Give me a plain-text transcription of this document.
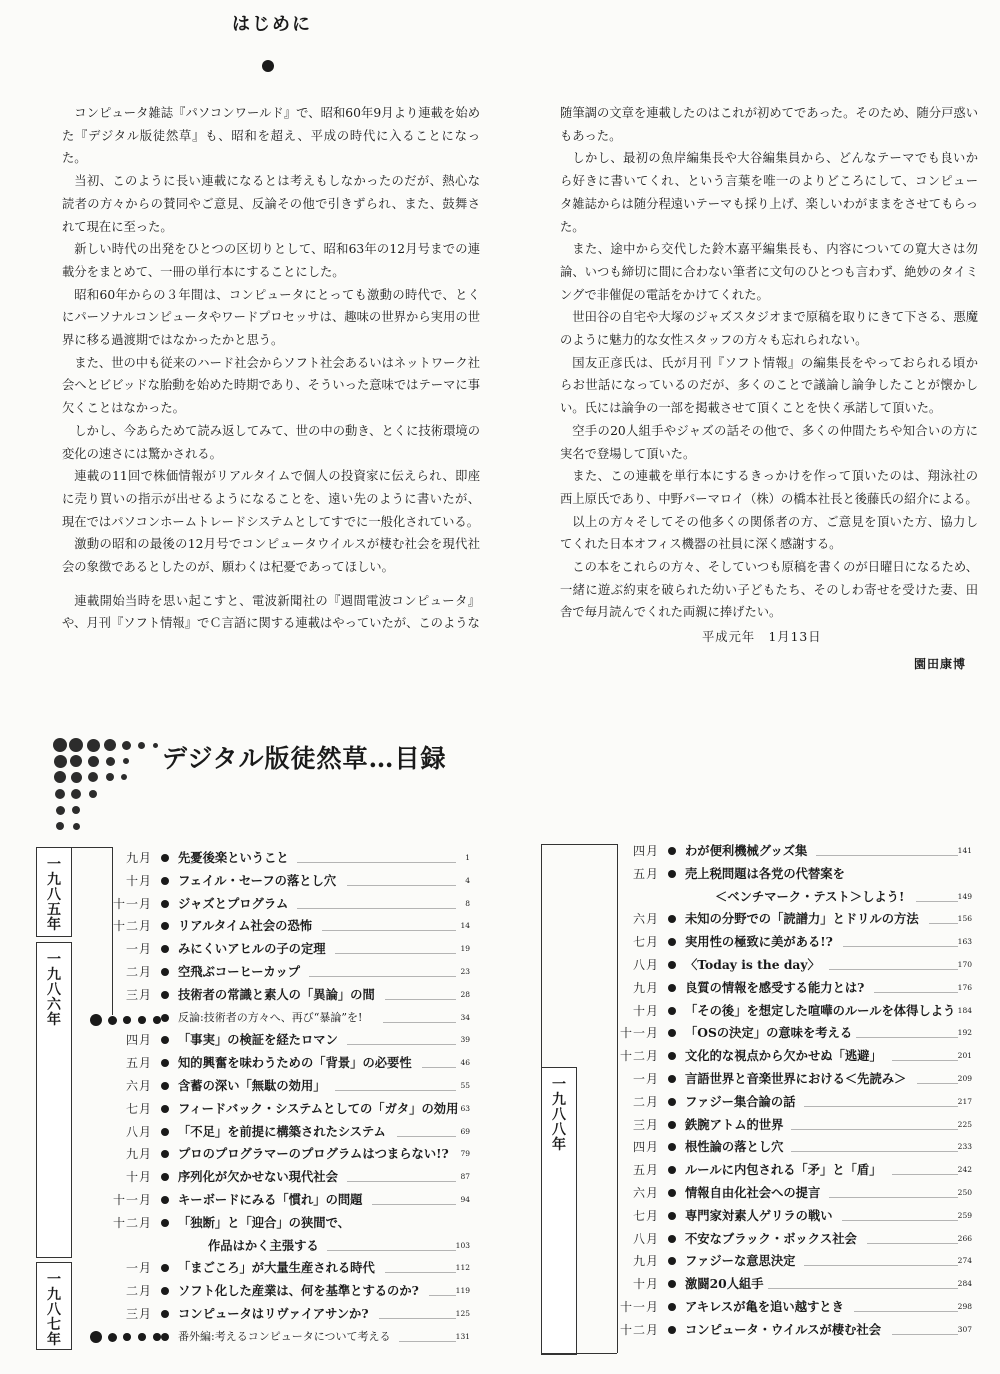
はじめに

コンピュータ雑誌『パソコンワールド』で、昭和60年9月より連載を始めた『デジタル版徒然草』も、昭和を超え、平成の時代に入ることになった。

当初、このように長い連載になるとは考えもしなかったのだが、熱心な読者の方々からの賛同やご意見、反論その他で引きずられ、また、鼓舞されて現在に至った。

新しい時代の出発をひとつの区切りとして、昭和63年の12月号までの連載分をまとめて、一冊の単行本にすることにした。

昭和60年からの３年間は、コンピュータにとっても激動の時代で、とくにパーソナルコンピュータやワードプロセッサは、趣味の世界から実用の世界に移る過渡期ではなかったかと思う。

また、世の中も従来のハード社会からソフト社会あるいはネットワーク社会へとビビッドな胎動を始めた時期であり、そういった意味ではテーマに事欠くことはなかった。

しかし、今あらためて読み返してみて、世の中の動き、とくに技術環境の変化の速さには驚かされる。

連載の11回で株価情報がリアルタイムで個人の投資家に伝えられ、即座に売り買いの指示が出せるようになることを、遠い先のように書いたが、現在ではパソコンホームトレードシステムとしてすでに一般化されている。

激動の昭和の最後の12月号でコンピュータウイルスが棲む社会を現代社会の象徴であるとしたのが、願わくは杞憂であってほしい。

連載開始当時を思い起こすと、電波新聞社の『週間電波コンピュータ』や、月刊『ソフト情報』でＣ言語に関する連載はやっていたが、このような

随筆調の文章を連載したのはこれが初めてであった。そのため、随分戸惑いもあった。

しかし、最初の魚岸編集長や大谷編集員から、どんなテーマでも良いから好きに書いてくれ、という言葉を唯一のよりどころにして、コンピュータ雑誌からは随分程遠いテーマも採り上げ、楽しいわがままをさせてもらった。

また、途中から交代した鈴木嘉平編集長も、内容についての寛大さは勿論、いつも締切に間に合わない筆者に文句のひとつも言わず、絶妙のタイミングで非催促の電話をかけてくれた。

世田谷の自宅や大塚のジャズスタジオまで原稿を取りにきて下さる、悪魔のように魅力的な女性スタッフの方々も忘れられない。

国友正彦氏は、氏が月刊『ソフト情報』の編集長をやっておられる頃からお世話になっているのだが、多くのことで議論し論争したことが懐かしい。氏には論争の一部を掲載させて頂くことを快く承諾して頂いた。

空手の20人組手やジャズの話その他で、多くの仲間たちや知合いの方に実名で登場して頂いた。

また、この連載を単行本にするきっかけを作って頂いたのは、翔泳社の西上原氏であり、中野パーマロイ（株）の橋本社長と後藤氏の紹介による。

以上の方々そしてその他多くの関係者の方、ご意見を頂いた方、協力してくれた日本オフィス機器の社員に深く感謝する。

この本をこれらの方々、そしていつも原稿を書くのが日曜日になるため、一緒に遊ぶ約束を破られた幼い子どもたち、そのしわ寄せを受けた妻、田舎で毎月読んでくれた両親に捧げたい。

平成元年　1月13日
園田康博
デジタル版徒然草…目録
九月 先憂後楽ということ	1
十月 フェイル・セーフの落とし穴	4
十一月 ジャズとプログラム	8
十二月 リアルタイム社会の恐怖	14
一月 みにくいアヒルの子の定理	19
二月 空飛ぶコーヒーカップ	23
三月 技術者の常識と素人の「異論」の間	28
反論:技術者の方々へ、再び“暴論”を!	34
四月 「事実」の検証を経たロマン	39
五月 知的興奮を味わうための「背景」の必要性	46
六月 含蓄の深い「無駄の効用」	55
七月 フィードバック・システムとしての「ガタ」の効用 63
八月 「不足」を前提に構築されたシステム	69
九月 プロのプログラマーのプログラムはつまらない!? 79
十月 序列化が欠かせない現代社会	87
十一月 キーボードにみる「慣れ」の問題	94
十二月 「独断」と「迎合」の狭間で、
作品はかく主張する	103
一月 「まごころ」が大量生産される時代	112
二月 ソフト化した産業は、何を基準とするのか?	119
三月 コンピュータはリヴァイアサンか?	125
番外編:考えるコンピュータについて考える	131
四月 わが便利機械グッズ集	141
五月 売上税問題は各党の代替案を
＜ベンチマーク・テスト＞しよう!	149
六月 未知の分野での「読譜力」とドリルの方法	156
七月 実用性の極致に美がある!?	163
八月 〈Today is the day〉	170
九月 良質の情報を感受する能力とは?	176
十月 「その後」を想定した喧嘩のルールを体得しよう 184
十一月 「OSの決定」の意味を考える	192
十二月 文化的な視点から欠かせぬ「逃避」	201
一月 言語世界と音楽世界における＜先読み＞	209
二月 ファジー集合論の話	217
三月 鉄腕アトム的世界	225
四月 根性論の落とし穴	233
五月 ルールに内包される「矛」と「盾」	242
六月 情報自由化社会への提言	250
七月 専門家対素人ゲリラの戦い	259
八月 不安なブラック・ボックス社会	266
九月 ファジーな意思決定	274
十月 激闘20人組手	284
十一月 アキレスが亀を追い越すとき	298
十二月 コンピュータ・ウイルスが棲む社会	307
一
九
八
五
年
一
九
八
六
年
一
九
八
七
年
一
九
八
八
年
